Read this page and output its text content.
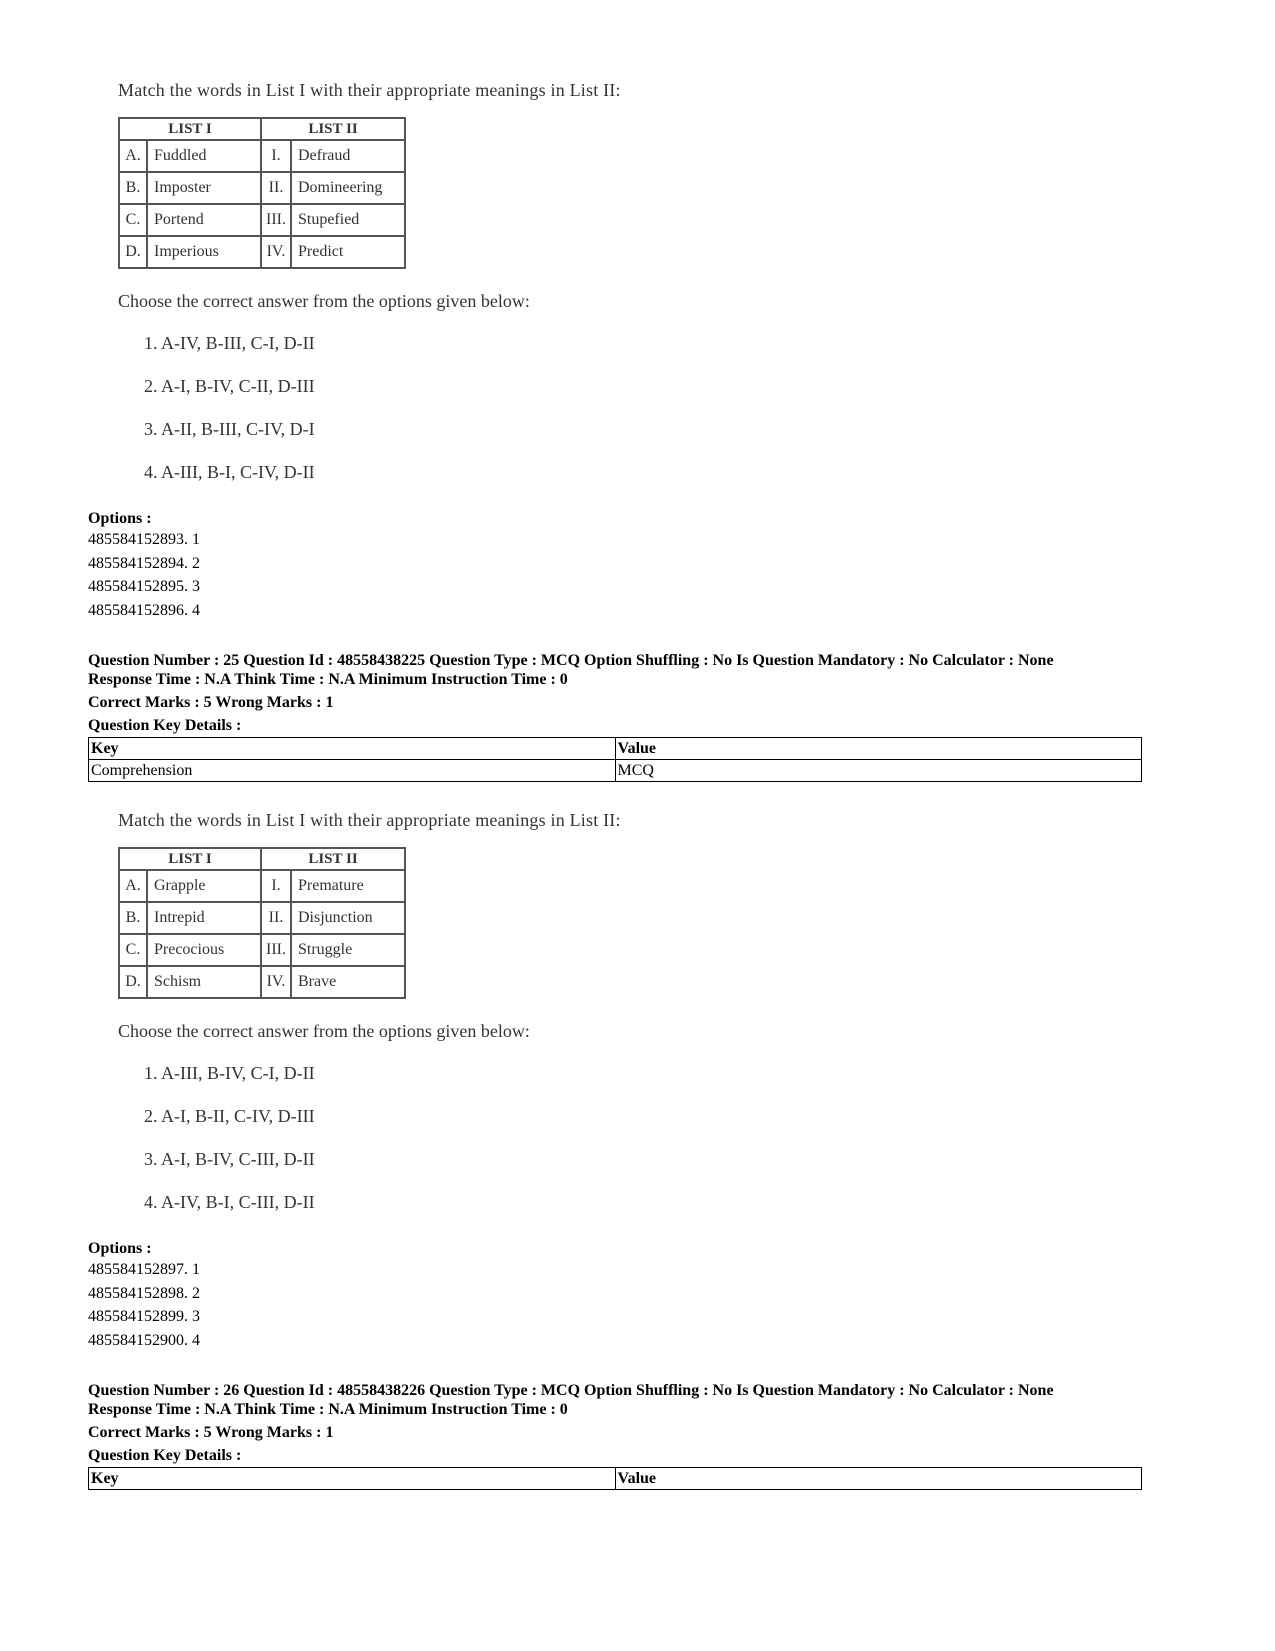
Match the words in List I with their appropriate meanings in List II:
LIST I		LIST II	
A.	Fuddled	I.	Defraud
B.	Imposter	II.	Domineering
C.	Portend	III.	Stupefied
D.	Imperious	IV.	Predict
Choose the correct answer from the options given below:
1. A-IV, B-III, C-I, D-II
2. A-I, B-IV, C-II, D-III
3. A-II, B-III, C-IV, D-I
4. A-III, B-I, C-IV, D-II
Options :
485584152893. 1
485584152894. 2
485584152895. 3
485584152896. 4
Question Number : 25 Question Id : 48558438225 Question Type : MCQ Option Shuffling : No Is Question Mandatory : No Calculator : None
Response Time : N.A Think Time : N.A Minimum Instruction Time : 0
Correct Marks : 5 Wrong Marks : 1
Question Key Details :
Key	Value
Comprehension	MCQ
Match the words in List I with their appropriate meanings in List II:
LIST I		LIST II	
A.	Grapple	I.	Premature
B.	Intrepid	II.	Disjunction
C.	Precocious	III.	Struggle
D.	Schism	IV.	Brave
Choose the correct answer from the options given below:
1. A-III, B-IV, C-I, D-II
2. A-I, B-II, C-IV, D-III
3. A-I, B-IV, C-III, D-II
4. A-IV, B-I, C-III, D-II
Options :
485584152897. 1
485584152898. 2
485584152899. 3
485584152900. 4
Question Number : 26 Question Id : 48558438226 Question Type : MCQ Option Shuffling : No Is Question Mandatory : No Calculator : None
Response Time : N.A Think Time : N.A Minimum Instruction Time : 0
Correct Marks : 5 Wrong Marks : 1
Question Key Details :
Key	Value
